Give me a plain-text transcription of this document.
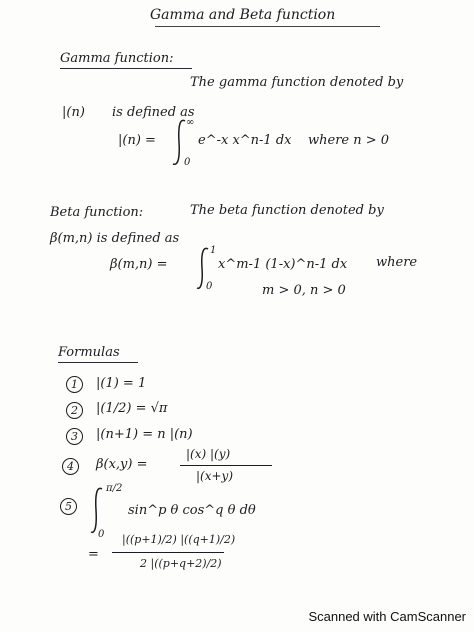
Gamma and Beta function
Gamma function:
The gamma function denoted by
|(n) is defined as
|(n) =
∞
0
e^-x x^n-1 dx where n > 0
Beta function:	The beta function denoted by
β(m,n) is defined as
β(m,n) =
1
0
x^m-1 (1-x)^n-1 dx where
m > 0, n > 0
Formulas
1	|(1) = 1
2	|(1/2) = √π
3	|(n+1) = n |(n)
4	β(x,y) =
|(x) |(y)
|(x+y)
5
π/2
0
sin^p θ cos^q θ dθ
=
|((p+1)/2) |((q+1)/2)
2 |((p+q+2)/2)
Scanned with CamScanner
